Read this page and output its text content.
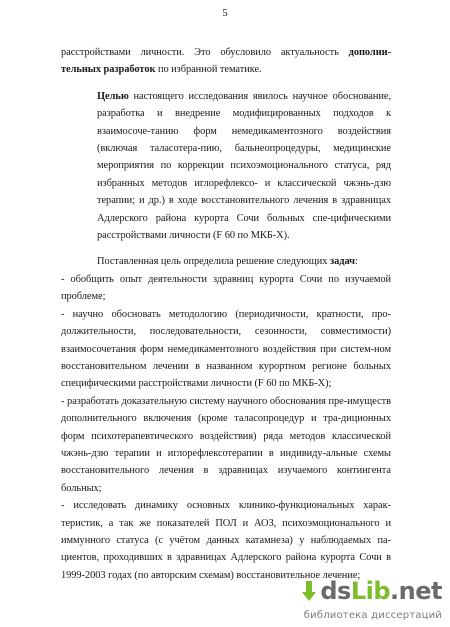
5

расстройствами личности. Это обусловило актуальность дополни-тельных разработок по избранной тематике.

Целью настоящего исследования явилось научное обоснование, разработка и внедрение модифицированных подходов к взаимосоче-танию форм немедикаментозного воздействия (включая таласотера-пию, бальнеопроцедуры, медицинские мероприятия по коррекции психоэмоционального статуса, ряд избранных методов иглорефлексо- и классической чжэнь-дзю терапии; и др.) в ходе восстановительного лечения в здравницах Адлерского района курорта Сочи больных спе-цифическими расстройствами личности (F 60 по МКБ-X).

Поставленная цель определила решение следующих задач:

- обобщить опыт деятельности здравниц курорта Сочи по изучаемой проблеме;

- научно обосновать методологию (периодичности, кратности, про-должительности, последовательности, сезонности, совместимости) взаимосочетания форм немедикаментозного воздействия при систем-ном восстановительном лечении в названном курортном регионе больных специфическими расстройствами личности (F 60 по МКБ-X);

- разработать доказательную систему научного обоснования пре-имуществ дополнительного включения (кроме таласопроцедур и тра-диционных форм психотерапевтического воздействия) ряда методов классической чжэнь-дзю терапии и иглорефлексотерапии в индивиду-альные схемы восстановительного лечения в здравницах изучаемого контингента больных;

- исследовать динамику основных клинико-функциональных харак-теристик, а так же показателей ПОЛ и АОЗ, психоэмоционального и иммунного статуса (с учётом данных катамнеза) у наблюдаемых па-циентов, проходивших в здравницах Адлерского района курорта Сочи в 1999-2003 годах (по авторским схемам) восстановительное лечение;

dsLib.net
библиотека диссертаций
